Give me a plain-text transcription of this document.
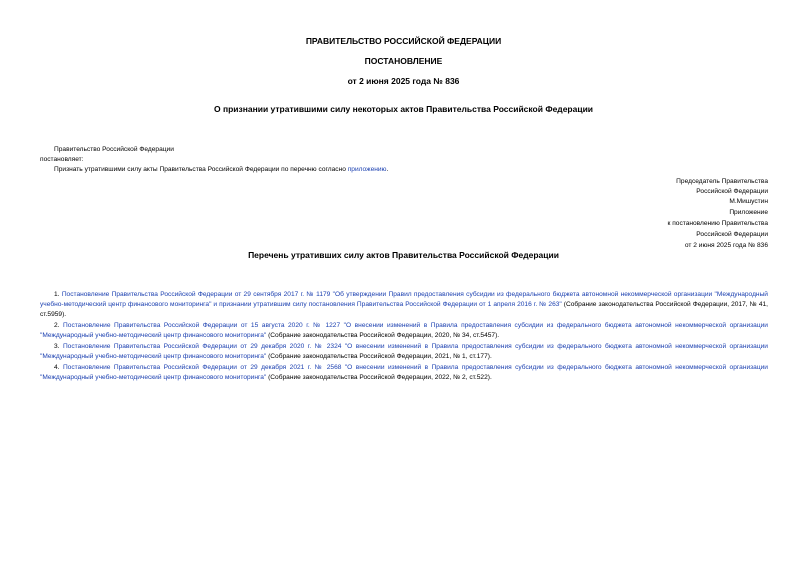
ПРАВИТЕЛЬСТВО РОССИЙСКОЙ ФЕДЕРАЦИИ
ПОСТАНОВЛЕНИЕ
от 2 июня 2025 года № 836
О признании утратившими силу некоторых актов Правительства Российской Федерации
Правительство Российской Федерации
постановляет:
Признать утратившими силу акты Правительства Российской Федерации по перечню согласно приложению.
Председатель Правительства
Российской Федерации
М.Мишустин
Приложение
к постановлению Правительства
Российской Федерации
от 2 июня 2025 года № 836
Перечень утративших силу актов Правительства Российской Федерации
1. Постановление Правительства Российской Федерации от 29 сентября 2017 г. № 1179 "Об утверждении Правил предоставления субсидии из федерального бюджета автономной некоммерческой организации "Международный учебно-методический центр финансового мониторинга" и признании утратившим силу постановления Правительства Российской Федерации от 1 апреля 2016 г. № 263" (Собрание законодательства Российской Федерации, 2017, № 41, ст.5959).
2. Постановление Правительства Российской Федерации от 15 августа 2020 г. № 1227 "О внесении изменений в Правила предоставления субсидии из федерального бюджета автономной некоммерческой организации "Международный учебно-методический центр финансового мониторинга" (Собрание законодательства Российской Федерации, 2020, № 34, ст.5457).
3. Постановление Правительства Российской Федерации от 29 декабря 2020 г. № 2324 "О внесении изменений в Правила предоставления субсидии из федерального бюджета автономной некоммерческой организации "Международный учебно-методический центр финансового мониторинга" (Собрание законодательства Российской Федерации, 2021, № 1, ст.177).
4. Постановление Правительства Российской Федерации от 29 декабря 2021 г. № 2568 "О внесении изменений в Правила предоставления субсидии из федерального бюджета автономной некоммерческой организации "Международный учебно-методический центр финансового мониторинга" (Собрание законодательства Российской Федерации, 2022, № 2, ст.522).
